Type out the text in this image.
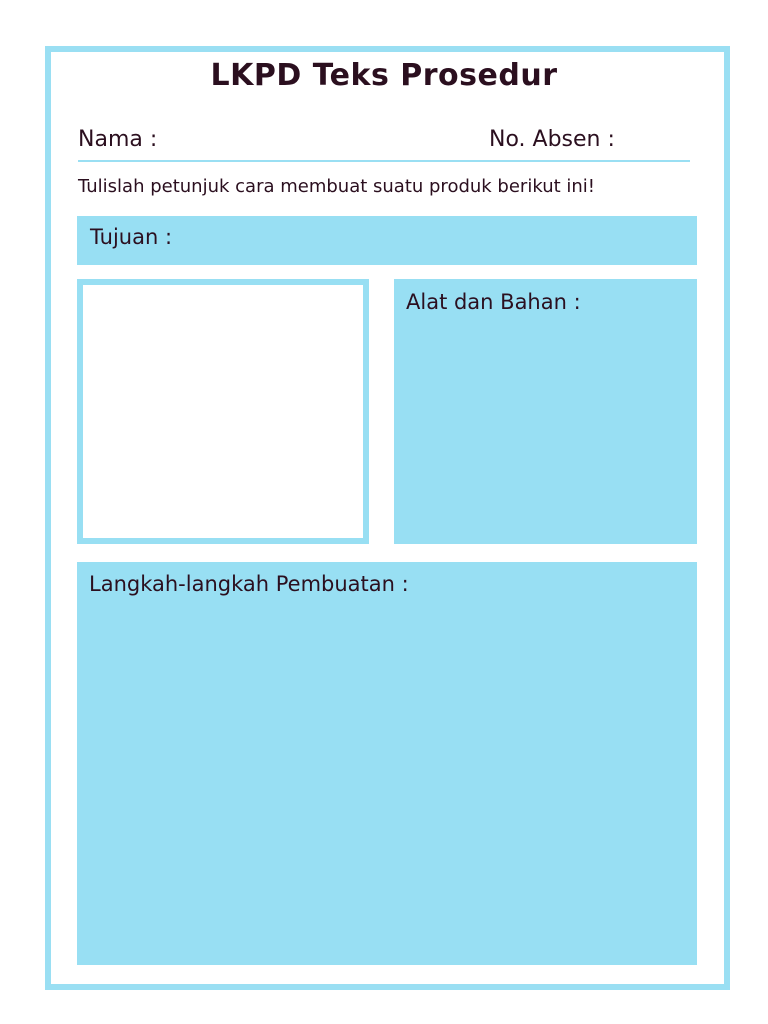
LKPD Teks Prosedur
Nama :	No. Absen :
Tulislah petunjuk cara membuat suatu produk berikut ini!
Tujuan :
Alat dan Bahan :
Langkah-langkah Pembuatan :
